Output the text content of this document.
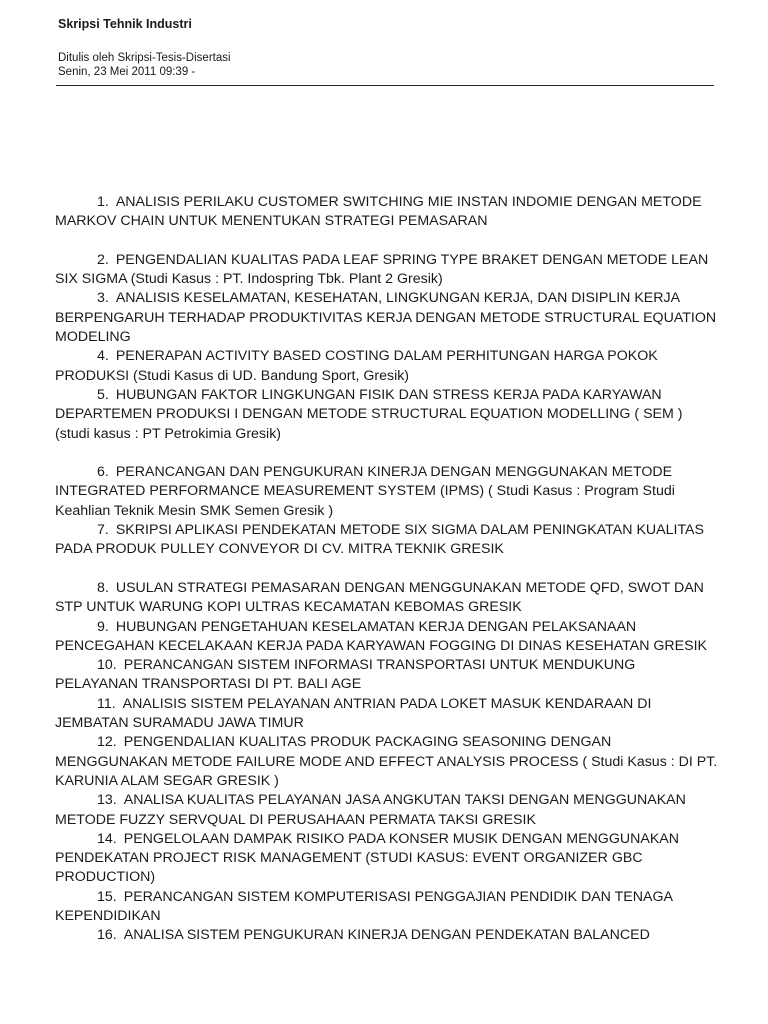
Skripsi Tehnik Industri
Ditulis oleh Skripsi-Tesis-Disertasi
Senin, 23 Mei 2011 09:39 -

1. ANALISIS PERILAKU CUSTOMER SWITCHING MIE INSTAN INDOMIE DENGAN METODE MARKOV CHAIN UNTUK MENENTUKAN STRATEGI PEMASARAN

2. PENGENDALIAN KUALITAS PADA LEAF SPRING TYPE BRAKET DENGAN METODE LEAN SIX SIGMA (Studi Kasus : PT. Indospring Tbk. Plant 2 Gresik)

3. ANALISIS KESELAMATAN, KESEHATAN, LINGKUNGAN KERJA, DAN DISIPLIN KERJA BERPENGARUH TERHADAP PRODUKTIVITAS KERJA DENGAN METODE STRUCTURAL EQUATION MODELING

4. PENERAPAN ACTIVITY BASED COSTING DALAM PERHITUNGAN HARGA POKOK PRODUKSI (Studi Kasus di UD. Bandung Sport, Gresik)

5. HUBUNGAN FAKTOR LINGKUNGAN FISIK DAN STRESS KERJA PADA KARYAWAN DEPARTEMEN PRODUKSI I DENGAN METODE STRUCTURAL EQUATION MODELLING ( SEM ) (studi kasus : PT Petrokimia Gresik)

6. PERANCANGAN DAN PENGUKURAN KINERJA DENGAN MENGGUNAKAN METODE INTEGRATED PERFORMANCE MEASUREMENT SYSTEM (IPMS) ( Studi Kasus : Program Studi Keahlian Teknik Mesin SMK Semen Gresik )

7. SKRIPSI APLIKASI PENDEKATAN METODE SIX SIGMA DALAM PENINGKATAN KUALITAS PADA PRODUK PULLEY CONVEYOR DI CV. MITRA TEKNIK GRESIK

8. USULAN STRATEGI PEMASARAN DENGAN MENGGUNAKAN METODE QFD, SWOT DAN STP UNTUK WARUNG KOPI ULTRAS KECAMATAN KEBOMAS GRESIK

9. HUBUNGAN PENGETAHUAN KESELAMATAN KERJA DENGAN PELAKSANAAN PENCEGAHAN KECELAKAAN KERJA PADA KARYAWAN FOGGING DI DINAS KESEHATAN GRESIK

10. PERANCANGAN SISTEM INFORMASI TRANSPORTASI UNTUK MENDUKUNG PELAYANAN TRANSPORTASI DI PT. BALI AGE

11. ANALISIS SISTEM PELAYANAN ANTRIAN PADA LOKET MASUK KENDARAAN DI JEMBATAN SURAMADU JAWA TIMUR

12. PENGENDALIAN KUALITAS PRODUK PACKAGING SEASONING DENGAN MENGGUNAKAN METODE FAILURE MODE AND EFFECT ANALYSIS PROCESS ( Studi Kasus : DI PT. KARUNIA ALAM SEGAR GRESIK )

13. ANALISA KUALITAS PELAYANAN JASA ANGKUTAN TAKSI DENGAN MENGGUNAKAN METODE FUZZY SERVQUAL DI PERUSAHAAN PERMATA TAKSI GRESIK

14. PENGELOLAAN DAMPAK RISIKO PADA KONSER MUSIK DENGAN MENGGUNAKAN PENDEKATAN PROJECT RISK MANAGEMENT (STUDI KASUS: EVENT ORGANIZER GBC PRODUCTION)

15. PERANCANGAN SISTEM KOMPUTERISASI PENGGAJIAN PENDIDIK DAN TENAGA KEPENDIDIKAN

16. ANALISA SISTEM PENGUKURAN KINERJA DENGAN PENDEKATAN BALANCED
